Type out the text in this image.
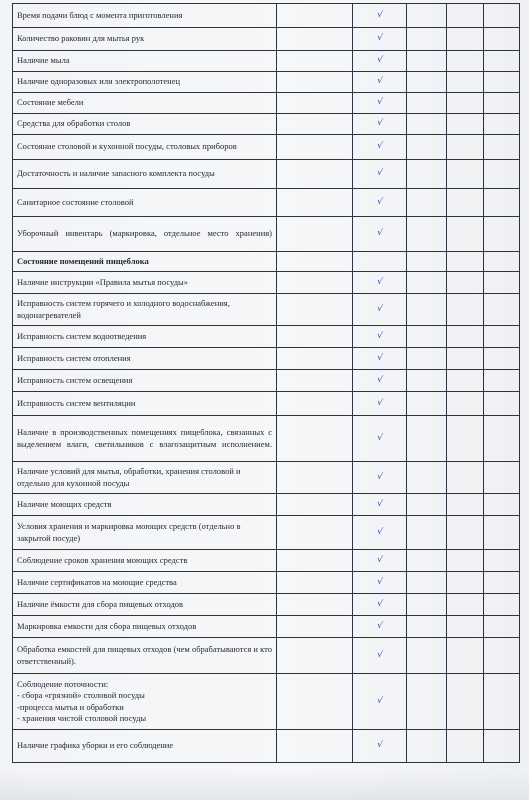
Время подачи блюд с момента приготовления		√			
Количество раковин для мытья рук		√			
Наличие мыла		√			
Наличие одноразовых или электрополотенец		√			
Состояние мебели		√			
Средства для обработки столов		√			
Состояние столовой и кухонной посуды, столовых приборов		√			
Достаточность и наличие запасного комплекта посуды		√			
Санитарное состояние столовой		√			
Уборочный инвентарь (маркировка, отдельное место хранения)		√			
Состояние помещений пищеблока					
Наличие инструкции «Правила мытья посуды»		√			
Исправность систем горячего и холодного водоснабжения, водонагревателей		√			
Исправность систем водоотведения		√			
Исправность систем отопления		√			
Исправность систем освещения		√			
Исправность систем вентиляции		√			
Наличие в производственных помещениях пищеблока, связанных с выделением влаги, светильников с влагозащитным исполнением.		√			
Наличие условий для мытья, обработки, хранения столовой и отдельно для кухонной посуды		√			
Наличие моющих средств		√			
Условия хранения и маркировка моющих средств (отдельно в закрытой посуде)		√			
Соблюдение сроков хранения моющих средств		√			
Наличие сертификатов на моющие средства		√			
Наличие ёмкости для сбора пищевых отходов		√			
Маркировка емкости для сбора пищевых отходов		√			
Обработка емкостей для пищевых отходов (чем обрабатываются и кто ответственный).		√			
Соблюдение поточности:
- сбора «грязной» столовой посуды
-процесса мытья и обработки
- хранения чистой столовой посуды		√			
Наличие графика уборки и его соблюдение		√			
